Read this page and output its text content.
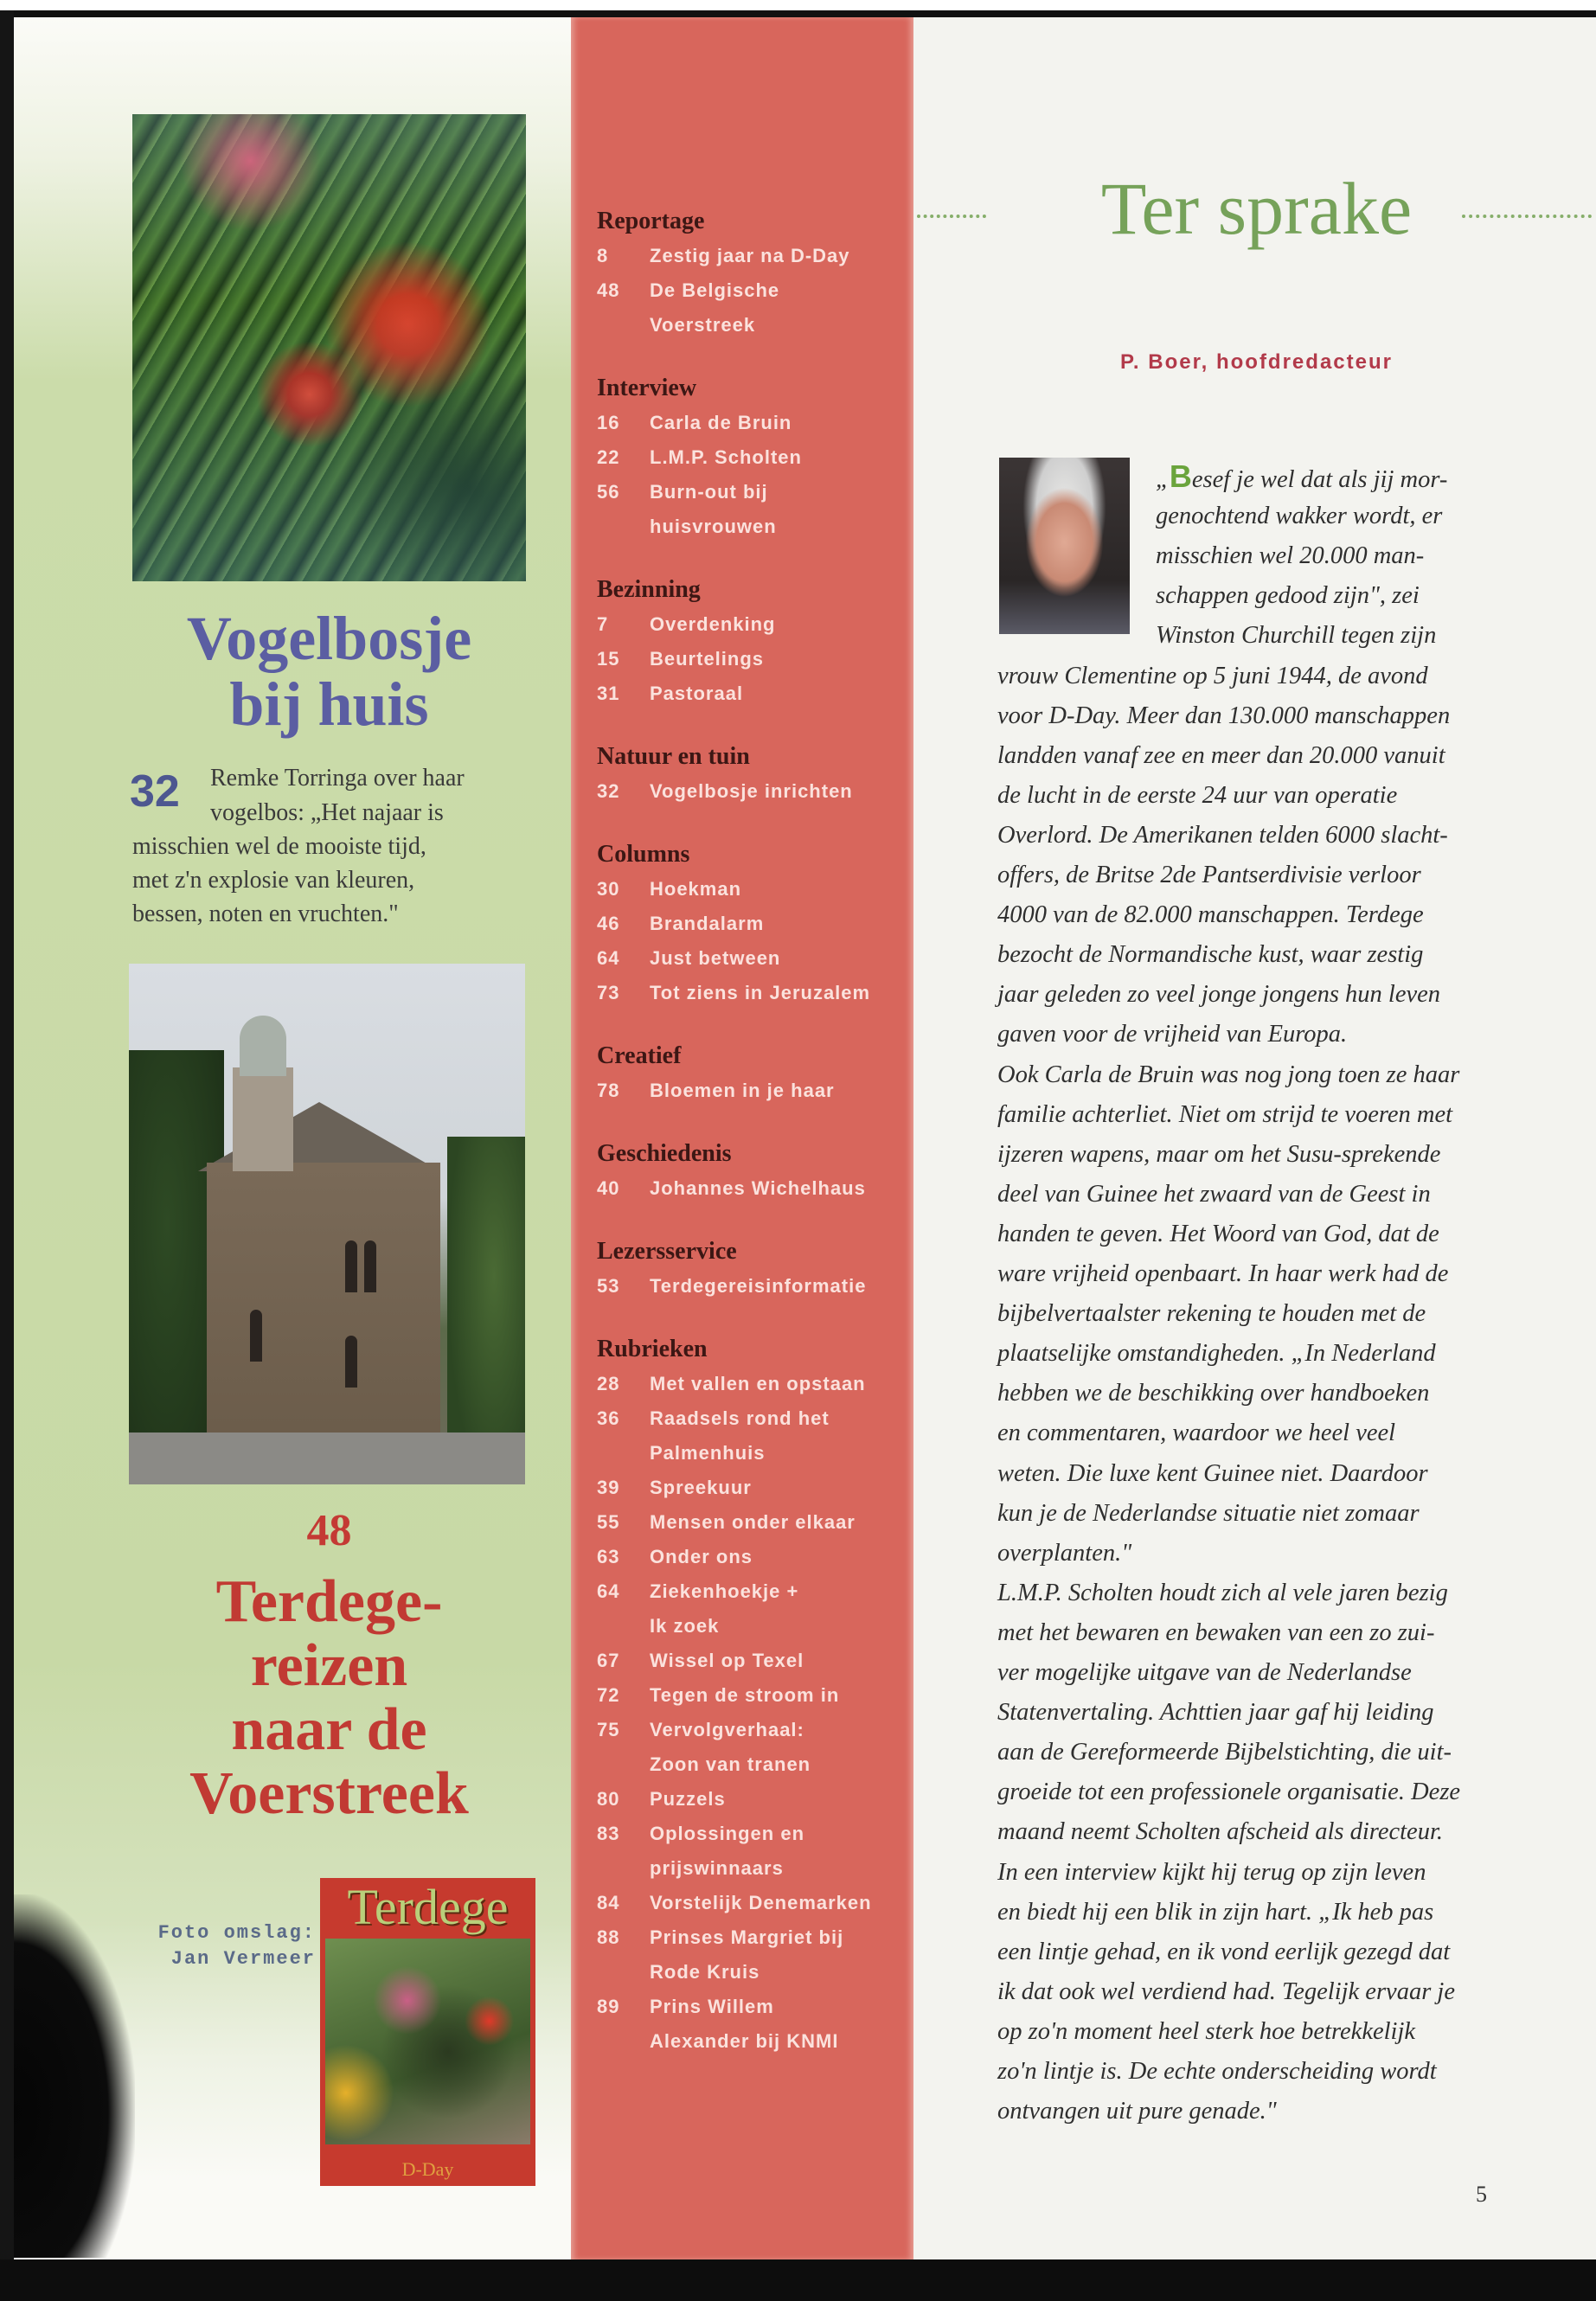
Vogelbosje
bij huis
32 Remke Torringa over haar
vogelbos: „Het najaar is
misschien wel de mooiste tijd,
met z'n explosie van kleuren,
bessen, noten en vruchten."
48
Terdege-
reizen
naar de
Voerstreek
Foto omslag:
Jan Vermeer
Terdege
D-Day
Reportage
8	Zestig jaar na D-Day
48	De Belgische
Voerstreek
Interview
16	Carla de Bruin
22	L.M.P. Scholten
56	Burn-out bij
huisvrouwen
Bezinning
7	Overdenking
15	Beurtelings
31	Pastoraal
Natuur en tuin
32	Vogelbosje inrichten
Columns
30	Hoekman
46	Brandalarm
64	Just between
73	Tot ziens in Jeruzalem
Creatief
78	Bloemen in je haar
Geschiedenis
40	Johannes Wichelhaus
Lezersservice
53	Terdegereisinformatie
Rubrieken
28	Met vallen en opstaan
36	Raadsels rond het
Palmenhuis
39	Spreekuur
55	Mensen onder elkaar
63	Onder ons
64	Ziekenhoekje +
Ik zoek
67	Wissel op Texel
72	Tegen de stroom in
75	Vervolgverhaal:
Zoon van tranen
80	Puzzels
83	Oplossingen en
prijswinnaars
84	Vorstelijk Denemarken
88	Prinses Margriet bij
Rode Kruis
89	Prins Willem
Alexander bij KNMI
Ter sprake
P. Boer, hoofdredacteur
„Besef je wel dat als jij mor-
genochtend wakker wordt, er
misschien wel 20.000 man-
schappen gedood zijn", zei
Winston Churchill tegen zijn
vrouw Clementine op 5 juni 1944, de avond
voor D-Day. Meer dan 130.000 manschappen
landden vanaf zee en meer dan 20.000 vanuit
de lucht in de eerste 24 uur van operatie
Overlord. De Amerikanen telden 6000 slacht-
offers, de Britse 2de Pantserdivisie verloor
4000 van de 82.000 manschappen. Terdege
bezocht de Normandische kust, waar zestig
jaar geleden zo veel jonge jongens hun leven
gaven voor de vrijheid van Europa.
Ook Carla de Bruin was nog jong toen ze haar
familie achterliet. Niet om strijd te voeren met
ijzeren wapens, maar om het Susu-sprekende
deel van Guinee het zwaard van de Geest in
handen te geven. Het Woord van God, dat de
ware vrijheid openbaart. In haar werk had de
bijbelvertaalster rekening te houden met de
plaatselijke omstandigheden. „In Nederland
hebben we de beschikking over handboeken
en commentaren, waardoor we heel veel
weten. Die luxe kent Guinee niet. Daardoor
kun je de Nederlandse situatie niet zomaar
overplanten."
L.M.P. Scholten houdt zich al vele jaren bezig
met het bewaren en bewaken van een zo zui-
ver mogelijke uitgave van de Nederlandse
Statenvertaling. Achttien jaar gaf hij leiding
aan de Gereformeerde Bijbelstichting, die uit-
groeide tot een professionele organisatie. Deze
maand neemt Scholten afscheid als directeur.
In een interview kijkt hij terug op zijn leven
en biedt hij een blik in zijn hart. „Ik heb pas
een lintje gehad, en ik vond eerlijk gezegd dat
ik dat ook wel verdiend had. Tegelijk ervaar je
op zo'n moment heel sterk hoe betrekkelijk
zo'n lintje is. De echte onderscheiding wordt
ontvangen uit pure genade."
5
